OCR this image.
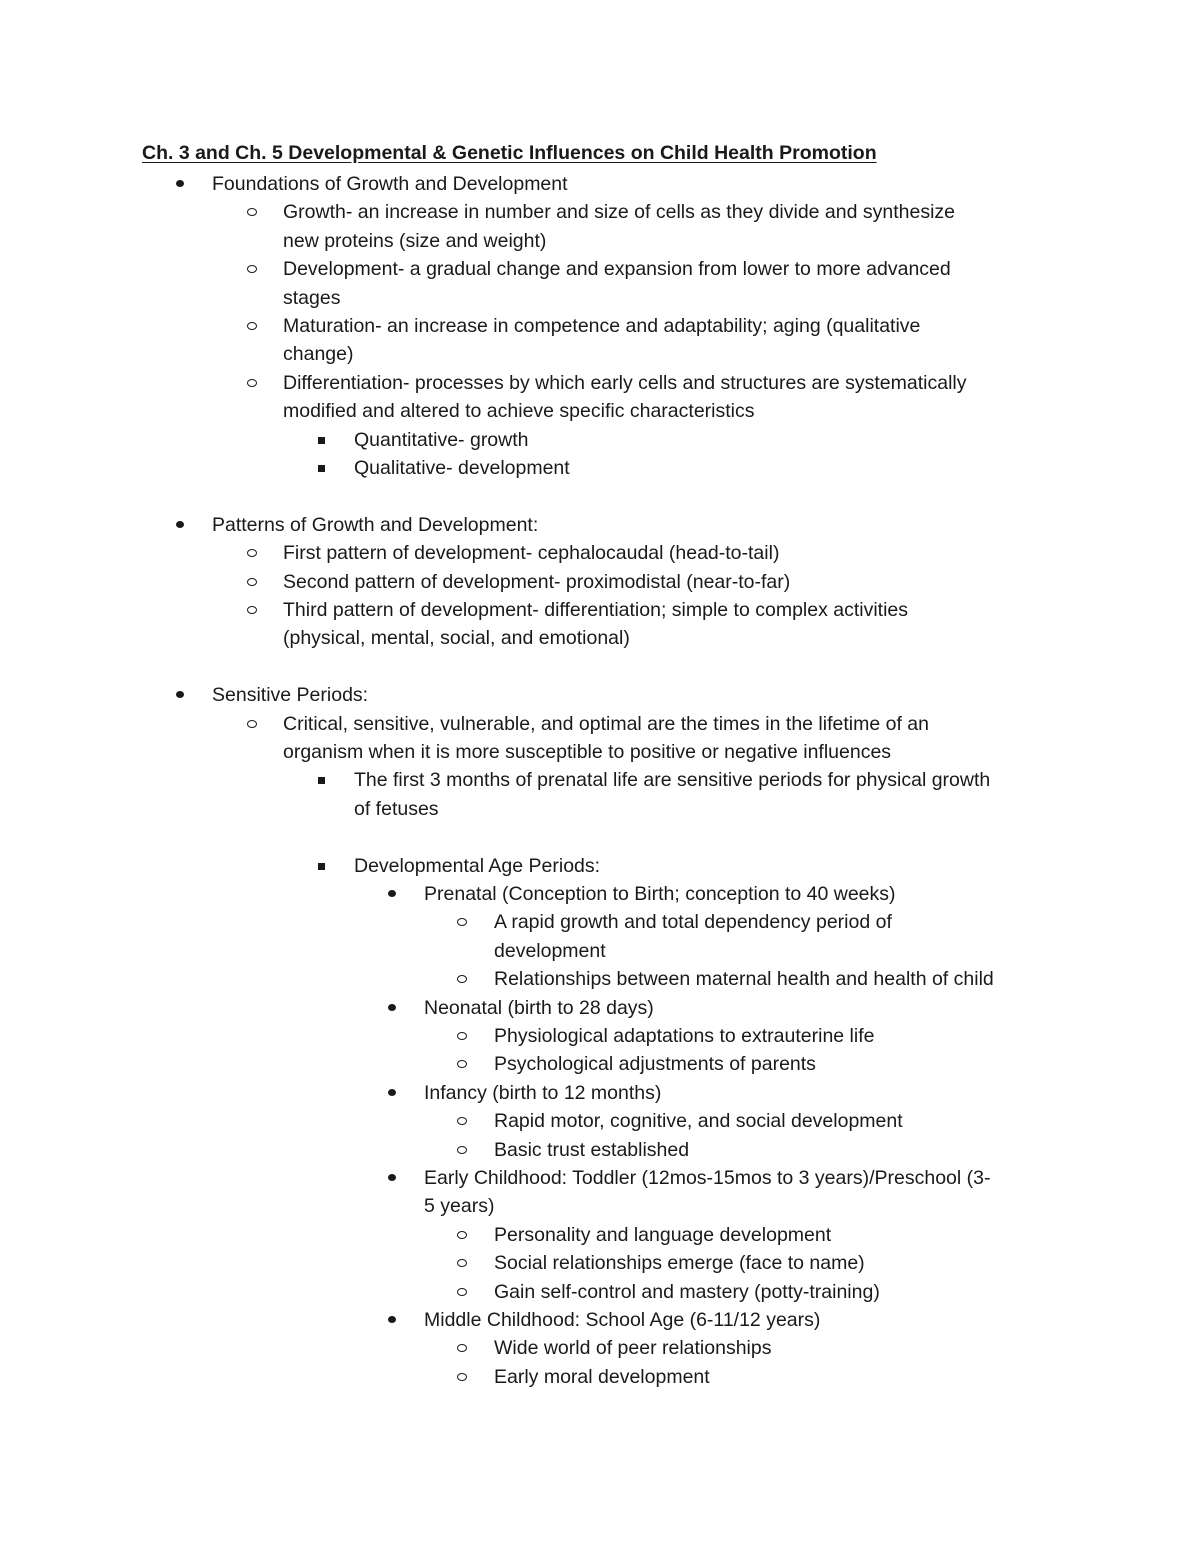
Ch. 3 and Ch. 5 Developmental & Genetic Influences on Child Health Promotion
Foundations of Growth and Development
Growth- an increase in number and size of cells as they divide and synthesize
new proteins (size and weight)
Development- a gradual change and expansion from lower to more advanced
stages
Maturation- an increase in competence and adaptability; aging (qualitative
change)
Differentiation- processes by which early cells and structures are systematically
modified and altered to achieve specific characteristics
Quantitative- growth
Qualitative- development
Patterns of Growth and Development:
First pattern of development- cephalocaudal (head-to-tail)
Second pattern of development- proximodistal (near-to-far)
Third pattern of development- differentiation; simple to complex activities
(physical, mental, social, and emotional)
Sensitive Periods:
Critical, sensitive, vulnerable, and optimal are the times in the lifetime of an
organism when it is more susceptible to positive or negative influences
The first 3 months of prenatal life are sensitive periods for physical growth
of fetuses
Developmental Age Periods:
Prenatal (Conception to Birth; conception to 40 weeks)
A rapid growth and total dependency period of
development
Relationships between maternal health and health of child
Neonatal (birth to 28 days)
Physiological adaptations to extrauterine life
Psychological adjustments of parents
Infancy (birth to 12 months)
Rapid motor, cognitive, and social development
Basic trust established
Early Childhood: Toddler (12mos-15mos to 3 years)/Preschool (3-
5 years)
Personality and language development
Social relationships emerge (face to name)
Gain self-control and mastery (potty-training)
Middle Childhood: School Age (6-11/12 years)
Wide world of peer relationships
Early moral development
